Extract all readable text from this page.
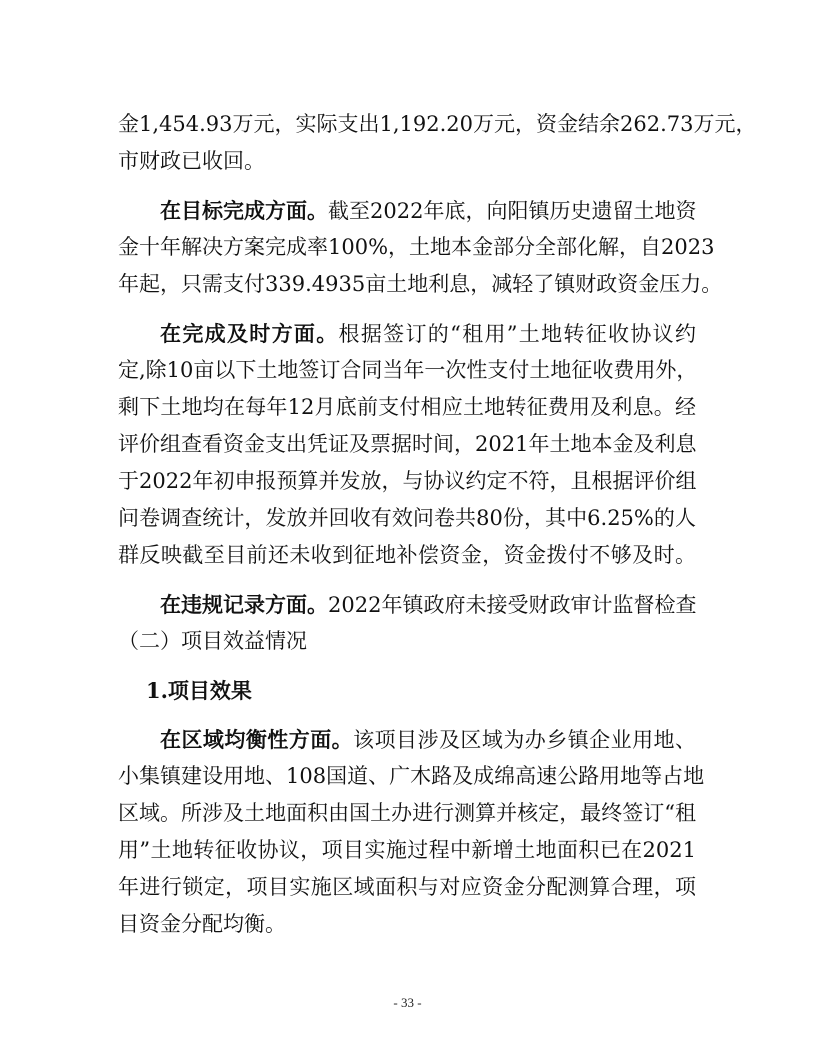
金1,454.93万元，实际支出1,192.20万元，资金结余262.73万元，
市财政已收回。
在目标完成方面。截至2022年底，向阳镇历史遗留土地资
金十年解决方案完成率100%，土地本金部分全部化解，自2023
年起，只需支付339.4935亩土地利息，减轻了镇财政资金压力。
在完成及时方面。根据签订的“租用”土地转征收协议约
定,除10亩以下土地签订合同当年一次性支付土地征收费用外，
剩下土地均在每年12月底前支付相应土地转征费用及利息。经
评价组查看资金支出凭证及票据时间，2021年土地本金及利息
于2022年初申报预算并发放，与协议约定不符，且根据评价组
问卷调查统计，发放并回收有效问卷共80份，其中6.25%的人
群反映截至目前还未收到征地补偿资金，资金拨付不够及时。
在违规记录方面。2022年镇政府未接受财政审计监督检查
（二）项目效益情况
1.项目效果
在区域均衡性方面。该项目涉及区域为办乡镇企业用地、
小集镇建设用地、108国道、广木路及成绵高速公路用地等占地
区域。所涉及土地面积由国土办进行测算并核定，最终签订“租
用”土地转征收协议，项目实施过程中新增土地面积已在2021
年进行锁定，项目实施区域面积与对应资金分配测算合理，项
目资金分配均衡。
- 33 -
